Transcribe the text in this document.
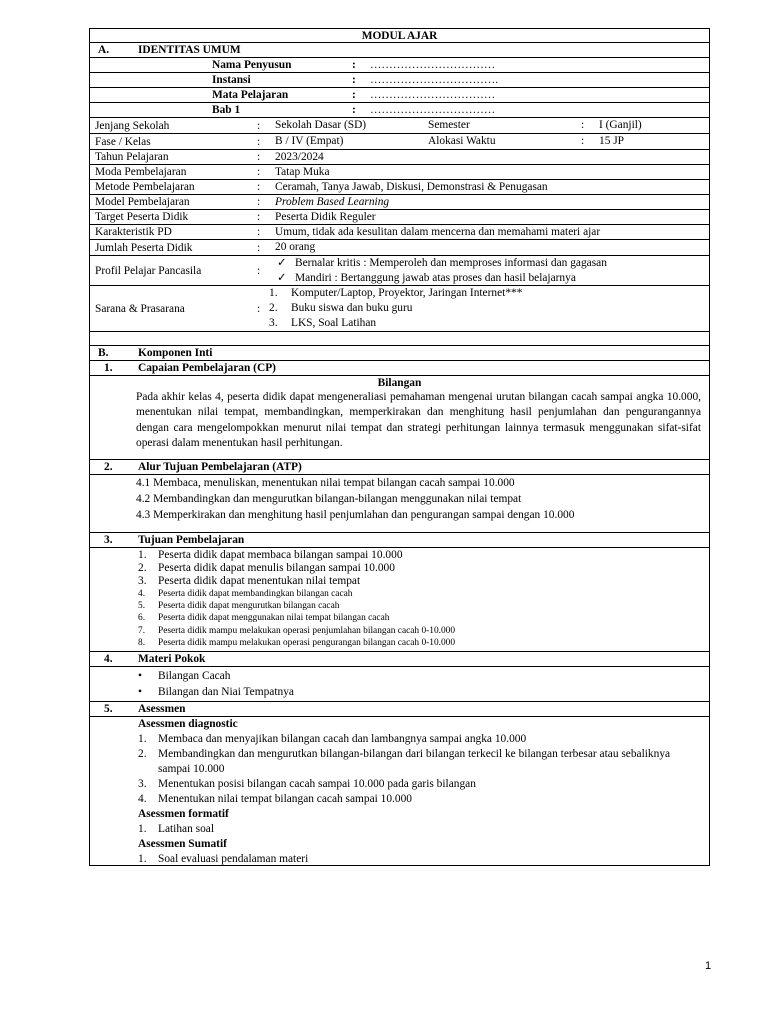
MODUL AJAR
A.	IDENTITAS UMUM
Nama Penyusun	: ……………………………
Instansi	: …………………………….
Mata Pelajaran	: ……………………………
Bab 1	: ……………………………
Jenjang Sekolah	:	Sekolah Dasar (SD)	Semester	:	I (Ganjil)
Fase / Kelas	:	B / IV (Empat)	Alokasi Waktu	:	15 JP
Tahun Pelajaran	:	2023/2024
Moda Pembelajaran	:	Tatap Muka
Metode Pembelajaran	:	Ceramah, Tanya Jawab, Diskusi, Demonstrasi & Penugasan
Model Pembelajaran	:	Problem Based Learning
Target Peserta Didik	:	Peserta Didik Reguler
Karakteristik PD	:	Umum, tidak ada kesulitan dalam mencerna dan memahami materi ajar
Jumlah Peserta Didik	:	20 orang
Profil Pelajar Pancasila	:
✓ Bernalar kritis : Memperoleh dan memproses informasi dan gagasan
✓ Mandiri : Bertanggung jawab atas proses dan hasil belajarnya
Sarana & Prasarana	:
1. Komputer/Laptop, Proyektor, Jaringan Internet***
2. Buku siswa dan buku guru
3. LKS, Soal Latihan
B.	Komponen Inti
1. Capaian Pembelajaran (CP)
Bilangan
Pada akhir kelas 4, peserta didik dapat mengeneraliasi pemahaman mengenai urutan bilangan cacah sampai angka 10.000, menentukan nilai tempat, membandingkan, memperkirakan dan menghitung hasil penjumlahan dan pengurangannya dengan cara mengelompokkan menurut nilai tempat dan strategi perhitungan lainnya termasuk menggunakan sifat-sifat operasi dalam menentukan hasil perhitungan.
2. Alur Tujuan Pembelajaran (ATP)
4.1 Membaca, menuliskan, menentukan nilai tempat bilangan cacah sampai 10.000
4.2 Membandingkan dan mengurutkan bilangan-bilangan menggunakan nilai tempat
4.3 Memperkirakan dan menghitung hasil penjumlahan dan pengurangan sampai dengan 10.000
3. Tujuan Pembelajaran
1. Peserta didik dapat membaca bilangan sampai 10.000
2. Peserta didik dapat menulis bilangan sampai 10.000
3. Peserta didik dapat menentukan nilai tempat
4. Peserta didik dapat membandingkan bilangan cacah
5. Peserta didik dapat mengurutkan bilangan cacah
6. Peserta didik dapat menggunakan nilai tempat bilangan cacah
7. Peserta didik mampu melakukan operasi penjumlahan bilangan cacah 0-10.000
8. Peserta didik mampu melakukan operasi pengurangan bilangan cacah 0-10.000
4. Materi Pokok
• Bilangan Cacah
• Bilangan dan Niai Tempatnya
5. Asessmen
Asessmen diagnostic
1. Membaca dan menyajikan bilangan cacah dan lambangnya sampai angka 10.000
2. Membandingkan dan mengurutkan bilangan-bilangan dari bilangan terkecil ke bilangan terbesar atau sebaliknya sampai 10.000
3. Menentukan posisi bilangan cacah sampai 10.000 pada garis bilangan
4. Menentukan nilai tempat bilangan cacah sampai 10.000
Asessmen formatif
1. Latihan soal
Asessmen Sumatif
1. Soal evaluasi pendalaman materi
1
